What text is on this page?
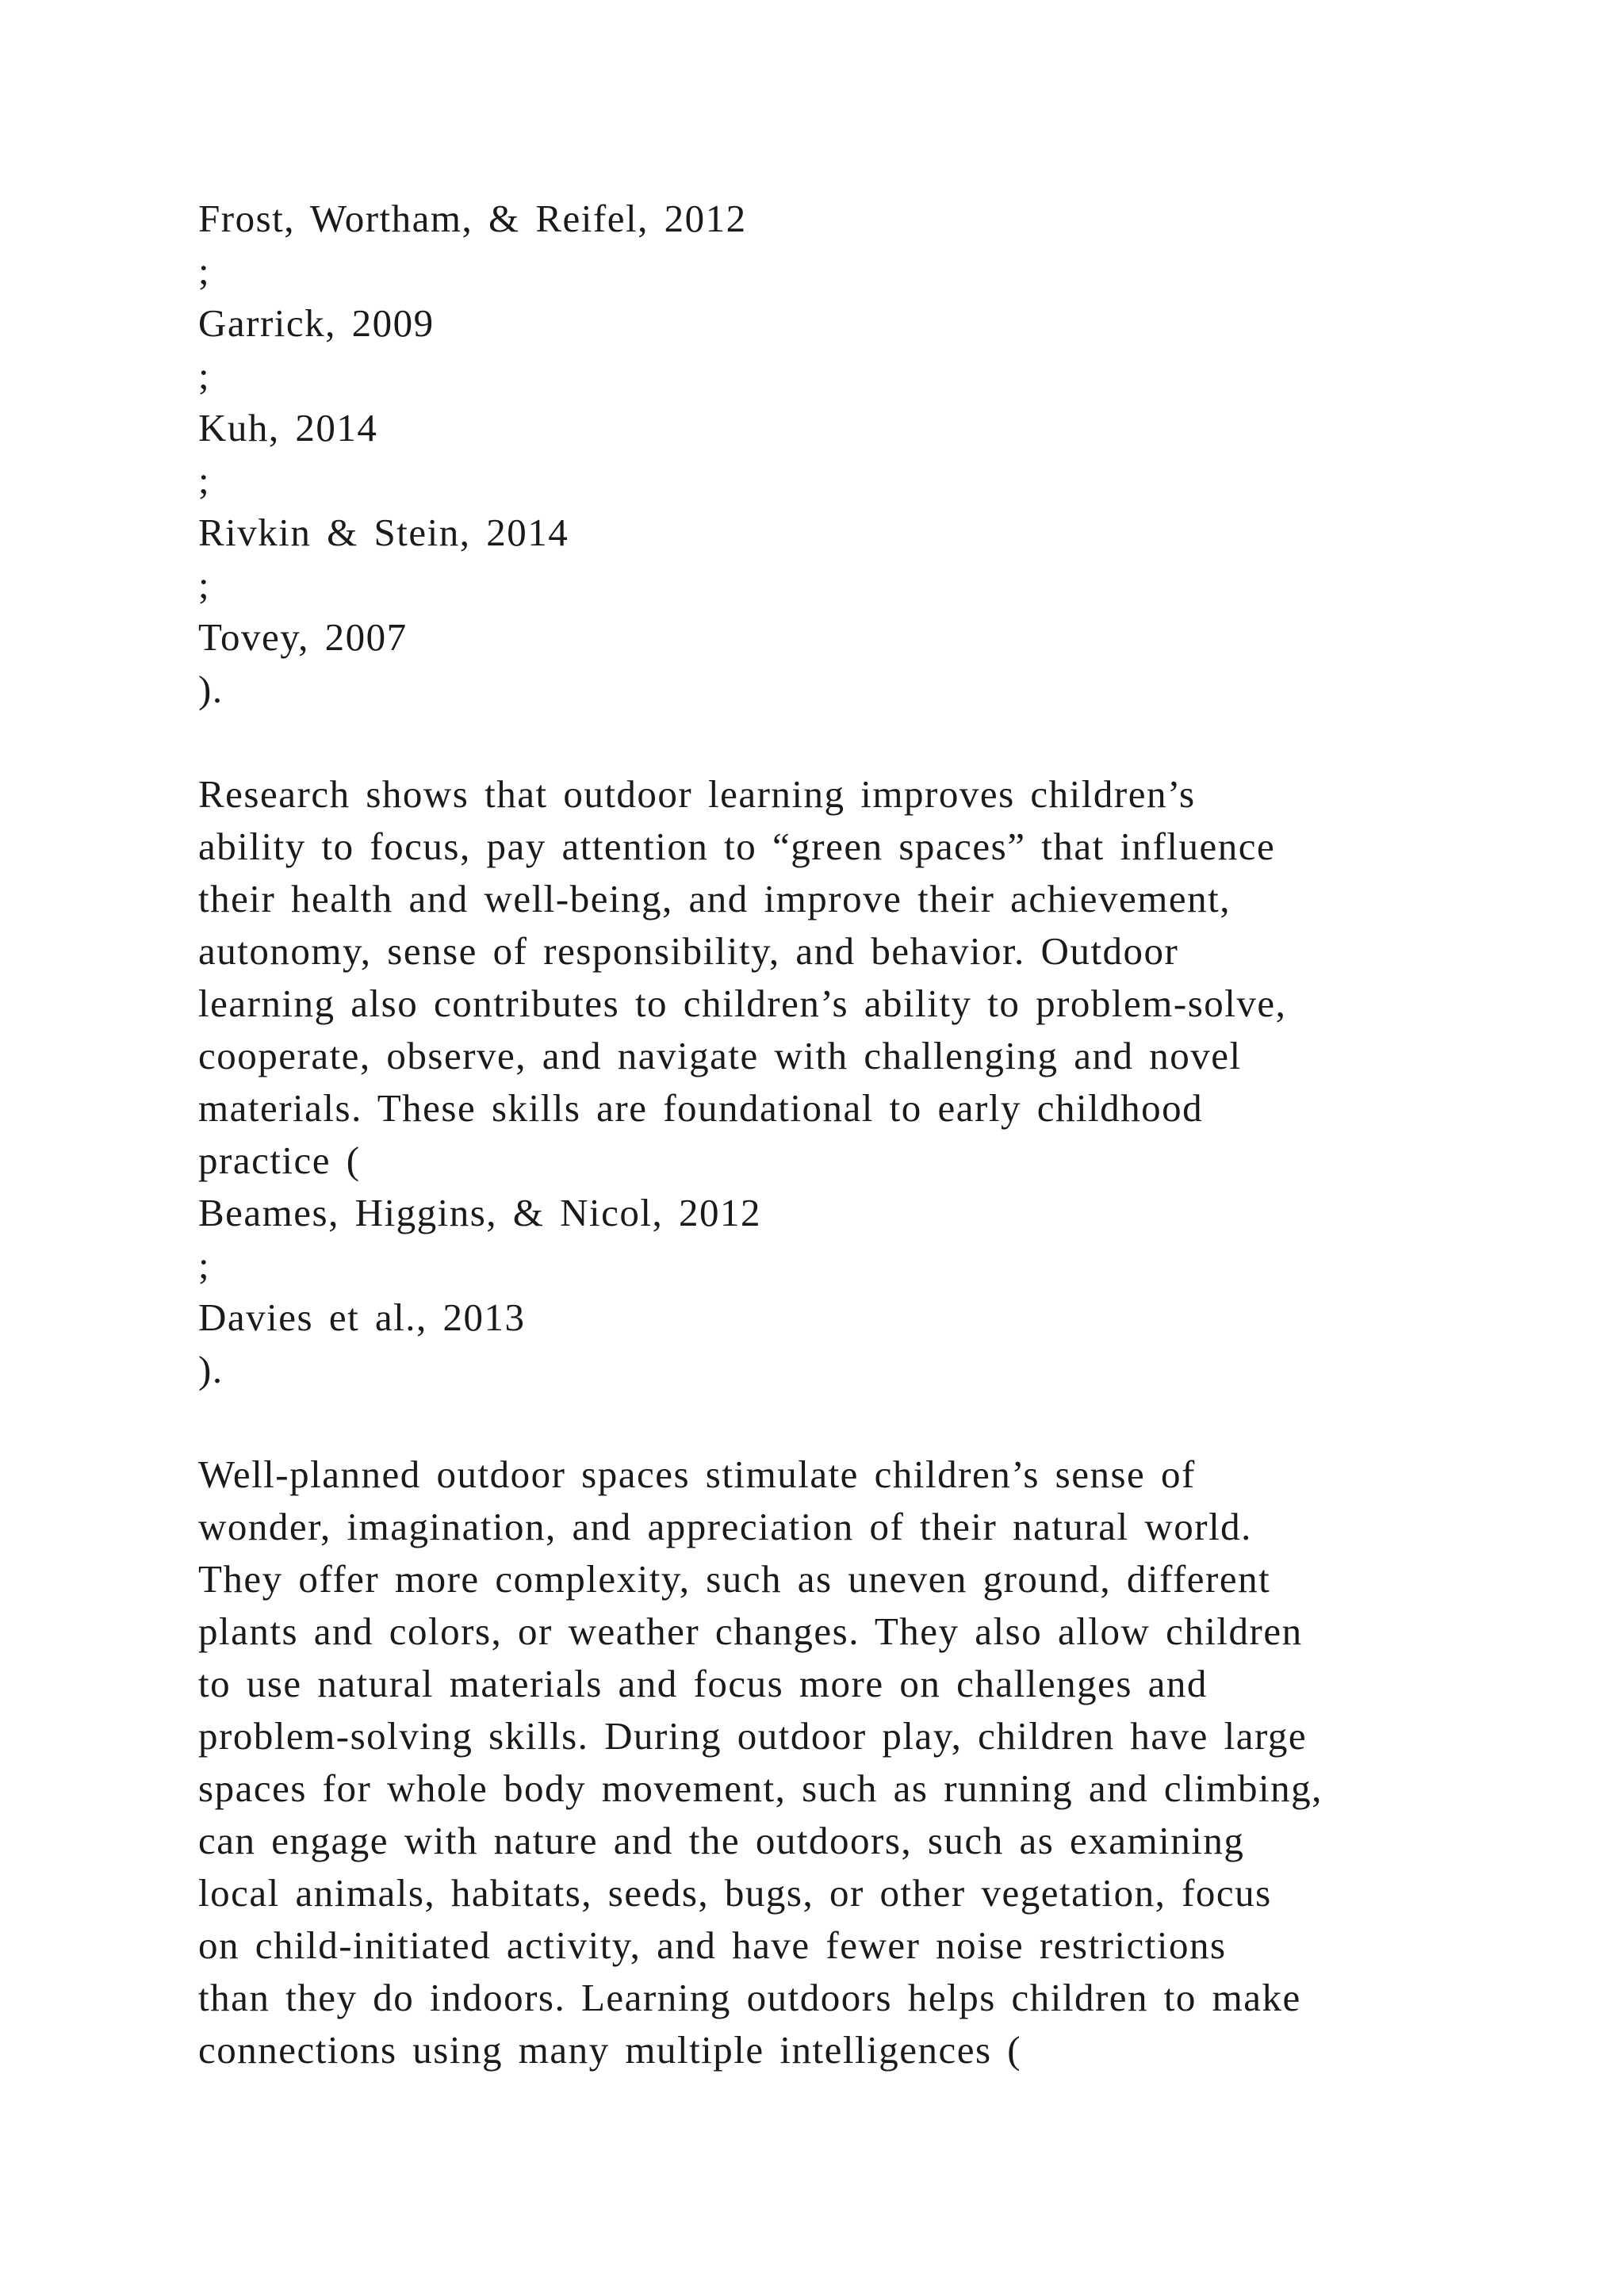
Frost, Wortham, & Reifel, 2012
;
Garrick, 2009
;
Kuh, 2014
;
Rivkin & Stein, 2014
;
Tovey, 2007
).
Research shows that outdoor learning improves children’s
ability to focus, pay attention to “green spaces” that influence
their health and well-being, and improve their achievement,
autonomy, sense of responsibility, and behavior. Outdoor
learning also contributes to children’s ability to problem-solve,
cooperate, observe, and navigate with challenging and novel
materials. These skills are foundational to early childhood
practice (
Beames, Higgins, & Nicol, 2012
;
Davies et al., 2013
).
Well-planned outdoor spaces stimulate children’s sense of
wonder, imagination, and appreciation of their natural world.
They offer more complexity, such as uneven ground, different
plants and colors, or weather changes. They also allow children
to use natural materials and focus more on challenges and
problem-solving skills. During outdoor play, children have large
spaces for whole body movement, such as running and climbing,
can engage with nature and the outdoors, such as examining
local animals, habitats, seeds, bugs, or other vegetation, focus
on child-initiated activity, and have fewer noise restrictions
than they do indoors. Learning outdoors helps children to make
connections using many multiple intelligences (
